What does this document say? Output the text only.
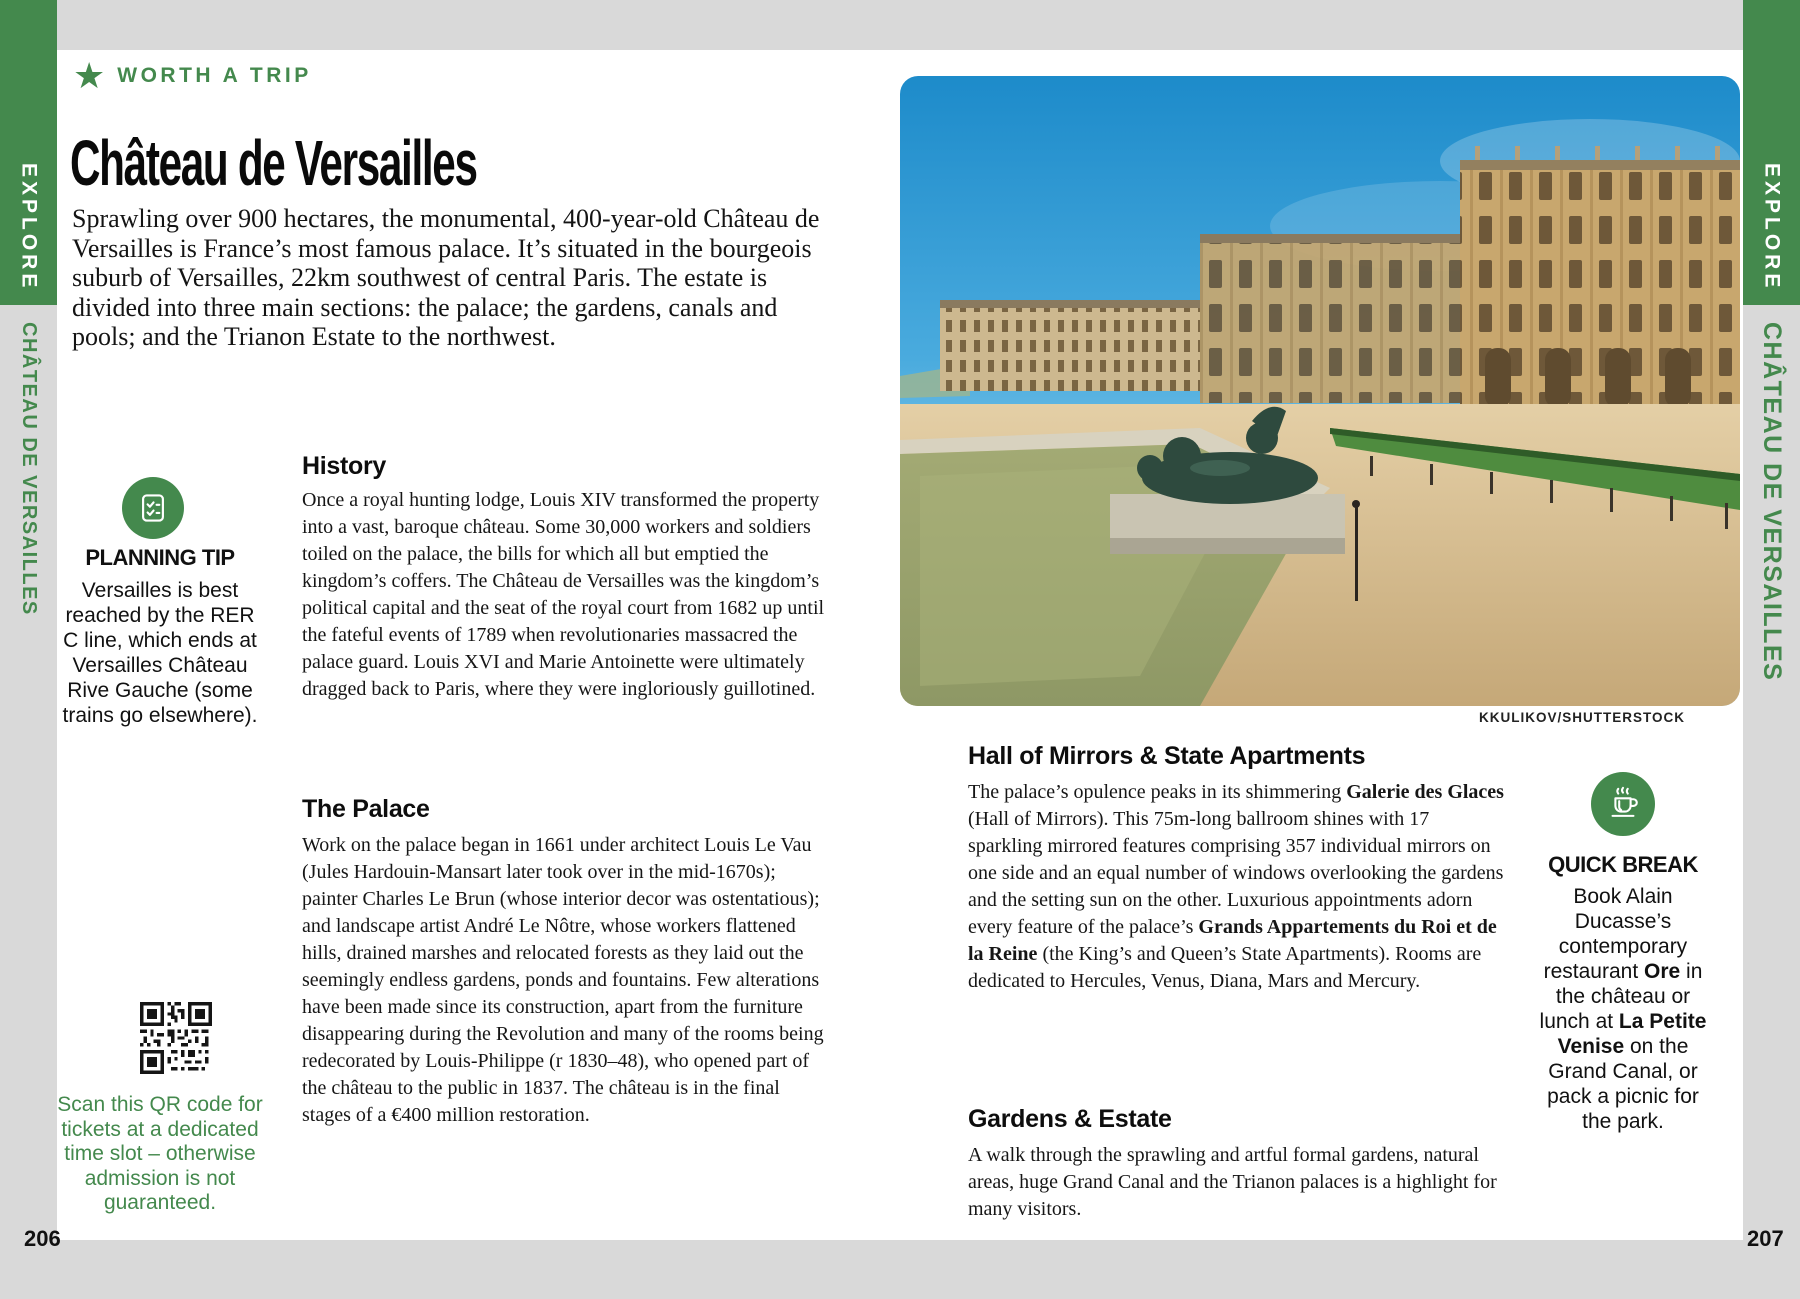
EXPLORE
CHÂTEAU DE VERSAILLES
EXPLORE
CHÂTEAU DE VERSAILLES
★ WORTH A TRIP
Château de Versailles
Sprawling over 900 hectares, the monumental, 400-year-old Château de Versailles is France’s most famous palace. It’s situated in the bourgeois suburb of Versailles, 22km southwest of central Paris. The estate is divided into three main sections: the palace; the gardens, canals and pools; and the Trianon Estate to the northwest.
History
Once a royal hunting lodge, Louis XIV transformed the property into a vast, baroque château. Some 30,000 workers and soldiers toiled on the palace, the bills for which all but emptied the kingdom’s coffers. The Château de Versailles was the kingdom’s political capital and the seat of the royal court from 1682 up until the fateful events of 1789 when revolutionaries massacred the palace guard. Louis XVI and Marie Antoinette were ultimately dragged back to Paris, where they were ingloriously guillotined.
The Palace
Work on the palace began in 1661 under architect Louis Le Vau (Jules Hardouin-Mansart later took over in the mid-1670s); painter Charles Le Brun (whose interior decor was ostentatious); and landscape artist André Le Nôtre, whose workers flattened hills, drained marshes and relocated forests as they laid out the seemingly endless gardens, ponds and fountains. Few alterations have been made since its construction, apart from the furniture disappearing during the Revolution and many of the rooms being redecorated by Louis-Philippe (r 1830–48), who opened part of the château to the public in 1837. The château is in the final stages of a €400 million restoration.
PLANNING TIP
Versailles is best reached by the RER C line, which ends at Versailles Château Rive Gauche (some trains go elsewhere).
Scan this QR code for tickets at a dedicated time slot – otherwise admission is not guaranteed.
KKULIKOV/SHUTTERSTOCK
Hall of Mirrors & State Apartments
The palace’s opulence peaks in its shimmering Galerie des Glaces (Hall of Mirrors). This 75m-long ballroom shines with 17 sparkling mirrored features comprising 357 individual mirrors on one side and an equal number of windows overlooking the gardens and the setting sun on the other. Luxurious appointments adorn every feature of the palace’s Grands Appartements du Roi et de la Reine (the King’s and Queen’s State Apartments). Rooms are dedicated to Hercules, Venus, Diana, Mars and Mercury.
Gardens & Estate
A walk through the sprawling and artful formal gardens, natural areas, huge Grand Canal and the Trianon palaces is a highlight for many visitors.
QUICK BREAK
Book Alain Ducasse’s contemporary restaurant Ore in the château or lunch at La Petite Venise on the Grand Canal, or pack a picnic for the park.
206	207
